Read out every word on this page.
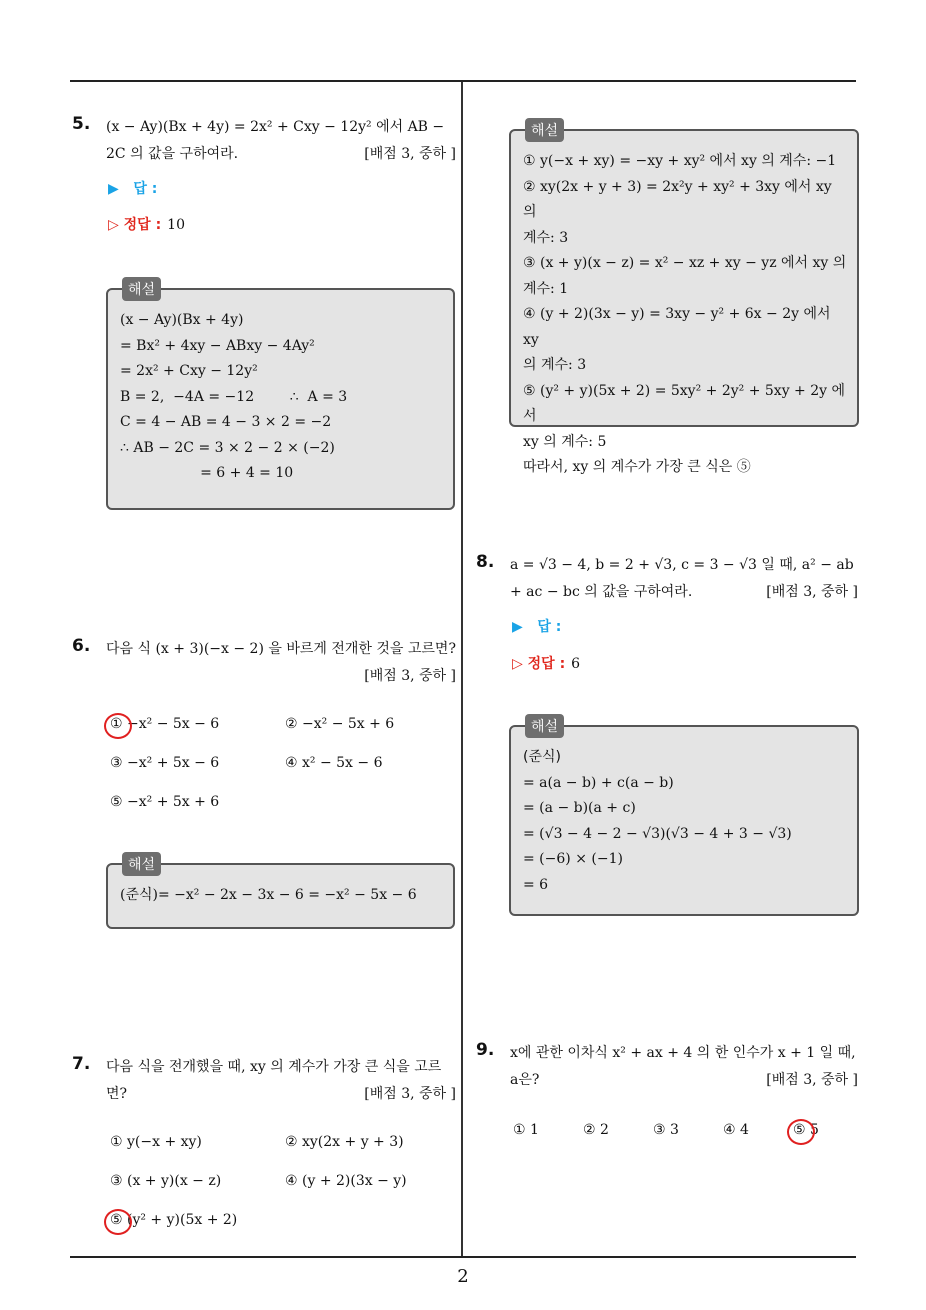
2
5. (x − Ay)(Bx + 4y) = 2x² + Cxy − 12y² 에서 AB − 2C 의 값을 구하여라.	[배점 3, 중하 ]
▶   답 :
▷ 정답 : 10
해설
(x − Ay)(Bx + 4y)
= Bx² + 4xy − ABxy − 4Ay²
= 2x² + Cxy − 12y²
B = 2,  −4A = −12        ∴  A = 3
C = 4 − AB = 4 − 3 × 2 = −2
∴ AB − 2C = 3 × 2 − 2 × (−2)
= 6 + 4 = 10
6. 다음 식 (x + 3)(−x − 2) 을 바르게 전개한 것을 고르면?
[배점 3, 중하 ]
① −x² − 5x − 6	② −x² − 5x + 6
③ −x² + 5x − 6	④ x² − 5x − 6
⑤ −x² + 5x + 6
해설
(준식)= −x² − 2x − 3x − 6 = −x² − 5x − 6
7. 다음 식을 전개했을 때, xy 의 계수가 가장 큰 식을 고르면?	[배점 3, 중하 ]
① y(−x + xy)	② xy(2x + y + 3)
③ (x + y)(x − z)	④ (y + 2)(3x − y)
⑤ (y² + y)(5x + 2)
해설
① y(−x + xy) = −xy + xy² 에서 xy 의 계수: −1
② xy(2x + y + 3) = 2x²y + xy² + 3xy 에서 xy 의
계수: 3
③ (x + y)(x − z) = x² − xz + xy − yz 에서 xy 의
계수: 1
④ (y + 2)(3x − y) = 3xy − y² + 6x − 2y 에서 xy
의 계수: 3
⑤ (y² + y)(5x + 2) = 5xy² + 2y² + 5xy + 2y 에서
xy 의 계수: 5
따라서, xy 의 계수가 가장 큰 식은 ⑤
8. a = √3 − 4, b = 2 + √3, c = 3 − √3 일 때, a² − ab + ac − bc 의 값을 구하여라.	[배점 3, 중하 ]
▶   답 :
▷ 정답 : 6
해설
(준식)
= a(a − b) + c(a − b)
= (a − b)(a + c)
= (√3 − 4 − 2 − √3)(√3 − 4 + 3 − √3)
= (−6) × (−1)
= 6
9. x에 관한 이차식 x² + ax + 4 의 한 인수가 x + 1 일 때, a은?	[배점 3, 중하 ]
① 1	② 2	③ 3	④ 4	⑤ 5
